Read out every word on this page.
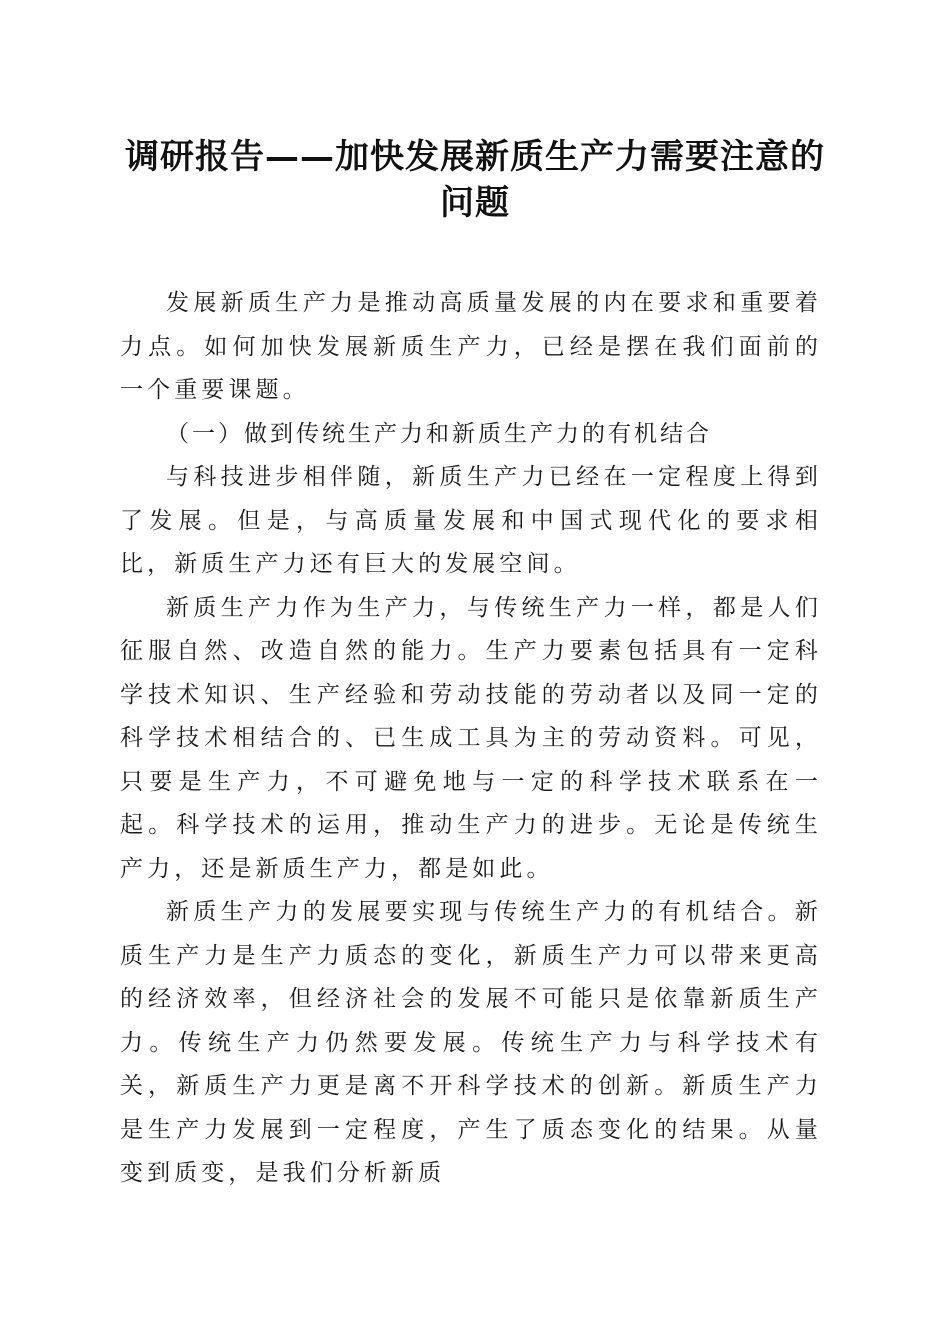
调研报告——加快发展新质生产力需要注意的问题

发展新质生产力是推动高质量发展的内在要求和重要着力点。如何加快发展新质生产力，已经是摆在我们面前的一个重要课题。

（一）做到传统生产力和新质生产力的有机结合

与科技进步相伴随，新质生产力已经在一定程度上得到了发展。但是，与高质量发展和中国式现代化的要求相比，新质生产力还有巨大的发展空间。

新质生产力作为生产力，与传统生产力一样，都是人们征服自然、改造自然的能力。生产力要素包括具有一定科学技术知识、生产经验和劳动技能的劳动者以及同一定的科学技术相结合的、已生成工具为主的劳动资料。可见，只要是生产力，不可避免地与一定的科学技术联系在一起。科学技术的运用，推动生产力的进步。无论是传统生产力，还是新质生产力，都是如此。

新质生产力的发展要实现与传统生产力的有机结合。新质生产力是生产力质态的变化，新质生产力可以带来更高的经济效率，但经济社会的发展不可能只是依靠新质生产力。传统生产力仍然要发展。传统生产力与科学技术有关，新质生产力更是离不开科学技术的创新。新质生产力是生产力发展到一定程度，产生了质态变化的结果。从量变到质变，是我们分析新质
